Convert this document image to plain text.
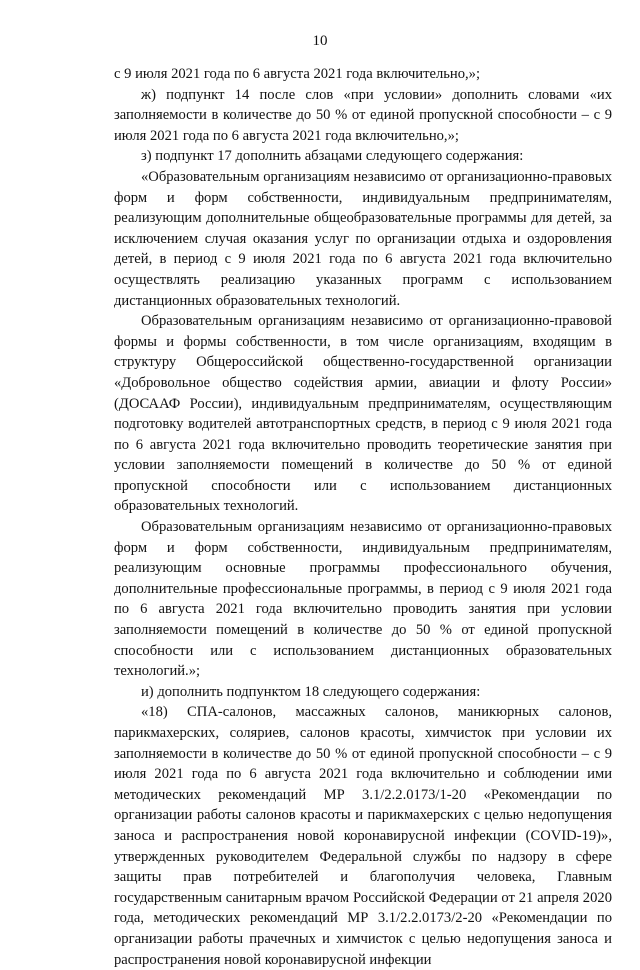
10

с 9 июля 2021 года по 6 августа 2021 года включительно,»;

ж) подпункт 14 после слов «при условии» дополнить словами «их заполняемости в количестве до 50 % от единой пропускной способности – с 9 июля 2021 года по 6 августа 2021 года включительно,»;

з) подпункт 17 дополнить абзацами следующего содержания:

«Образовательным организациям независимо от организационно-правовых форм и форм собственности, индивидуальным предпринимателям, реализующим дополнительные общеобразовательные программы для детей, за исключением случая оказания услуг по организации отдыха и оздоровления детей, в период с 9 июля 2021 года по 6 августа 2021 года включительно осуществлять реализацию указанных программ с использованием дистанционных образовательных технологий.

Образовательным организациям независимо от организационно-правовой формы и формы собственности, в том числе организациям, входящим в структуру Общероссийской общественно-государственной организации «Добровольное общество содействия армии, авиации и флоту России» (ДОСААФ России), индивидуальным предпринимателям, осуществляющим подготовку водителей автотранспортных средств, в период с 9 июля 2021 года по 6 августа 2021 года включительно проводить теоретические занятия при условии заполняемости помещений в количестве до 50 % от единой пропускной способности или с использованием дистанционных образовательных технологий.

Образовательным организациям независимо от организационно-правовых форм и форм собственности, индивидуальным предпринимателям, реализующим основные программы профессионального обучения, дополнительные профессиональные программы, в период с 9 июля 2021 года по 6 августа 2021 года включительно проводить занятия при условии заполняемости помещений в количестве до 50 % от единой пропускной способности или с использованием дистанционных образовательных технологий.»;

и) дополнить подпунктом 18 следующего содержания:

«18) СПА-салонов, массажных салонов, маникюрных салонов, парикмахерских, соляриев, салонов красоты, химчисток при условии их заполняемости в количестве до 50 % от единой пропускной способности – с 9 июля 2021 года по 6 августа 2021 года включительно и соблюдении ими методических рекомендаций МР 3.1/2.2.0173/1-20 «Рекомендации по организации работы салонов красоты и парикмахерских с целью недопущения заноса и распространения новой коронавирусной инфекции (COVID-19)», утвержденных руководителем Федеральной службы по надзору в сфере защиты прав потребителей и благополучия человека, Главным государственным санитарным врачом Российской Федерации от 21 апреля 2020 года, методических рекомендаций МР 3.1/2.2.0173/2-20 «Рекомендации по организации работы прачечных и химчисток с целью недопущения заноса и распространения новой коронавирусной инфекции
